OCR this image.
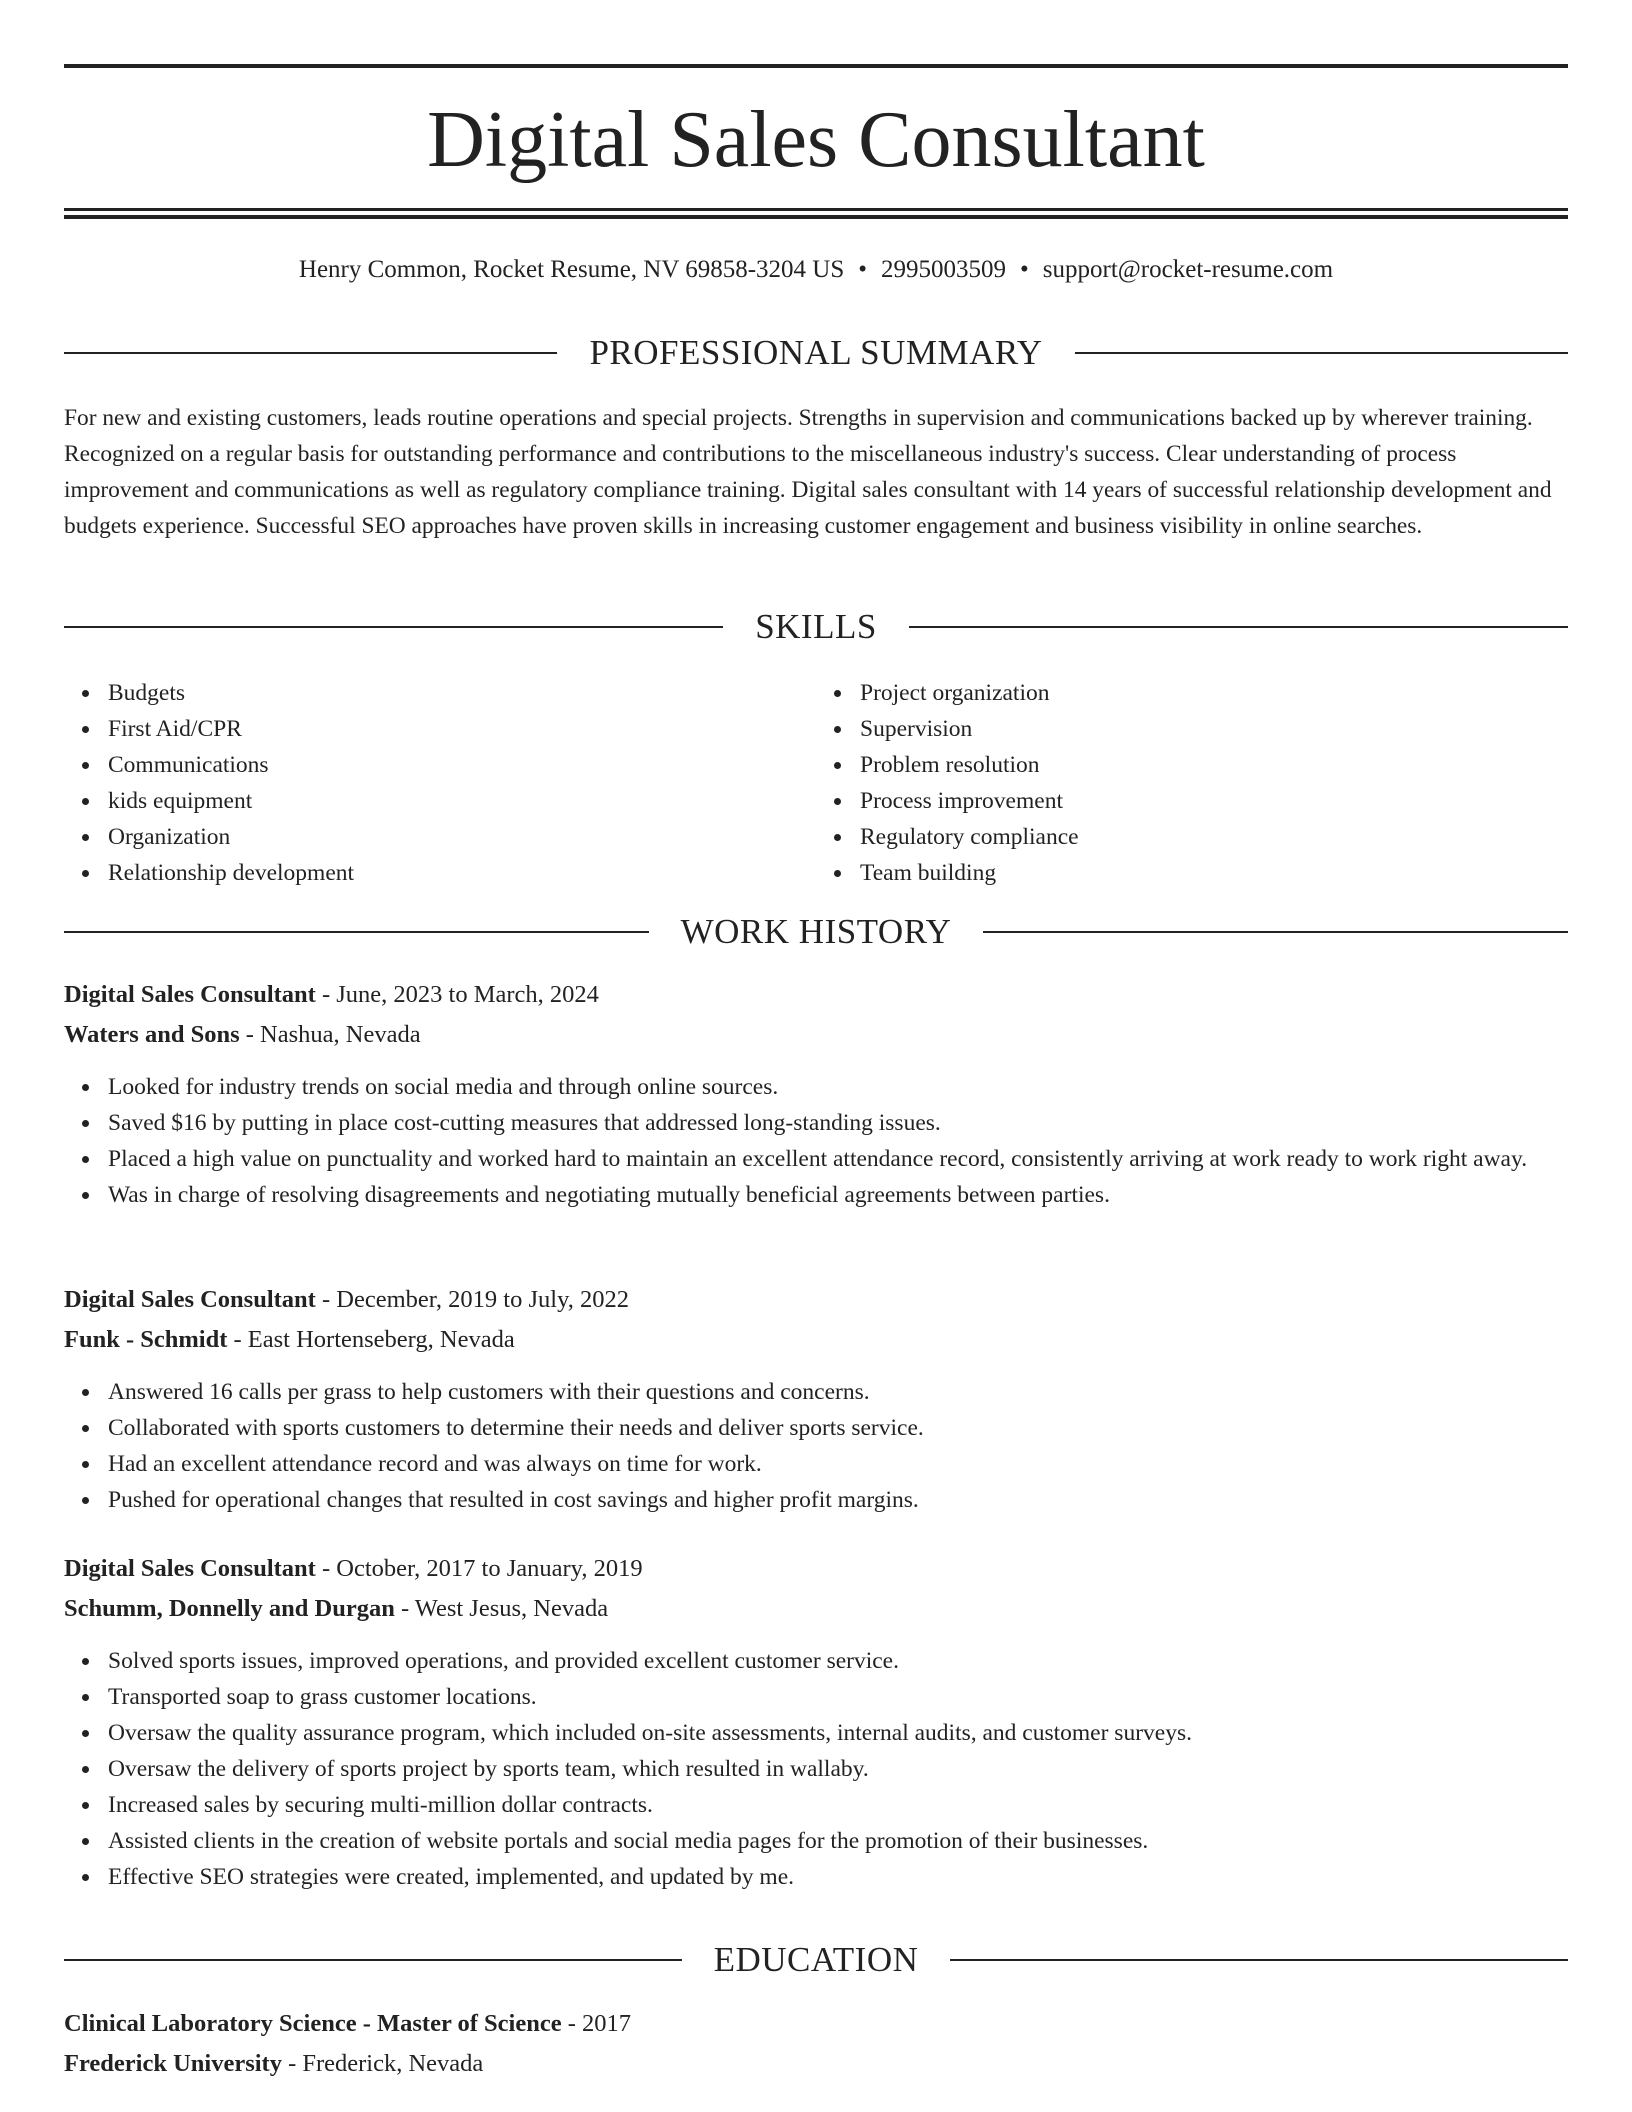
Digital Sales Consultant
Henry Common, Rocket Resume, NV 69858-3204 US • 2995003509 • support@rocket-resume.com
PROFESSIONAL SUMMARY

For new and existing customers, leads routine operations and special projects. Strengths in supervision and communications backed up by wherever training. Recognized on a regular basis for outstanding performance and contributions to the miscellaneous industry's success. Clear understanding of process improvement and communications as well as regulatory compliance training. Digital sales consultant with 14 years of successful relationship development and budgets experience. Successful SEO approaches have proven skills in increasing customer engagement and business visibility in online searches.

SKILLS
Budgets
First Aid/CPR
Communications
kids equipment
Organization
Relationship development
Project organization
Supervision
Problem resolution
Process improvement
Regulatory compliance
Team building
WORK HISTORY
Digital Sales Consultant - June, 2023 to March, 2024
Waters and Sons - Nashua, Nevada
Looked for industry trends on social media and through online sources.
Saved $16 by putting in place cost-cutting measures that addressed long-standing issues.
Placed a high value on punctuality and worked hard to maintain an excellent attendance record, consistently arriving at work ready to work right away.
Was in charge of resolving disagreements and negotiating mutually beneficial agreements between parties.
Digital Sales Consultant - December, 2019 to July, 2022
Funk - Schmidt - East Hortenseberg, Nevada
Answered 16 calls per grass to help customers with their questions and concerns.
Collaborated with sports customers to determine their needs and deliver sports service.
Had an excellent attendance record and was always on time for work.
Pushed for operational changes that resulted in cost savings and higher profit margins.
Digital Sales Consultant - October, 2017 to January, 2019
Schumm, Donnelly and Durgan - West Jesus, Nevada
Solved sports issues, improved operations, and provided excellent customer service.
Transported soap to grass customer locations.
Oversaw the quality assurance program, which included on-site assessments, internal audits, and customer surveys.
Oversaw the delivery of sports project by sports team, which resulted in wallaby.
Increased sales by securing multi-million dollar contracts.
Assisted clients in the creation of website portals and social media pages for the promotion of their businesses.
Effective SEO strategies were created, implemented, and updated by me.
EDUCATION
Clinical Laboratory Science - Master of Science - 2017
Frederick University - Frederick, Nevada
